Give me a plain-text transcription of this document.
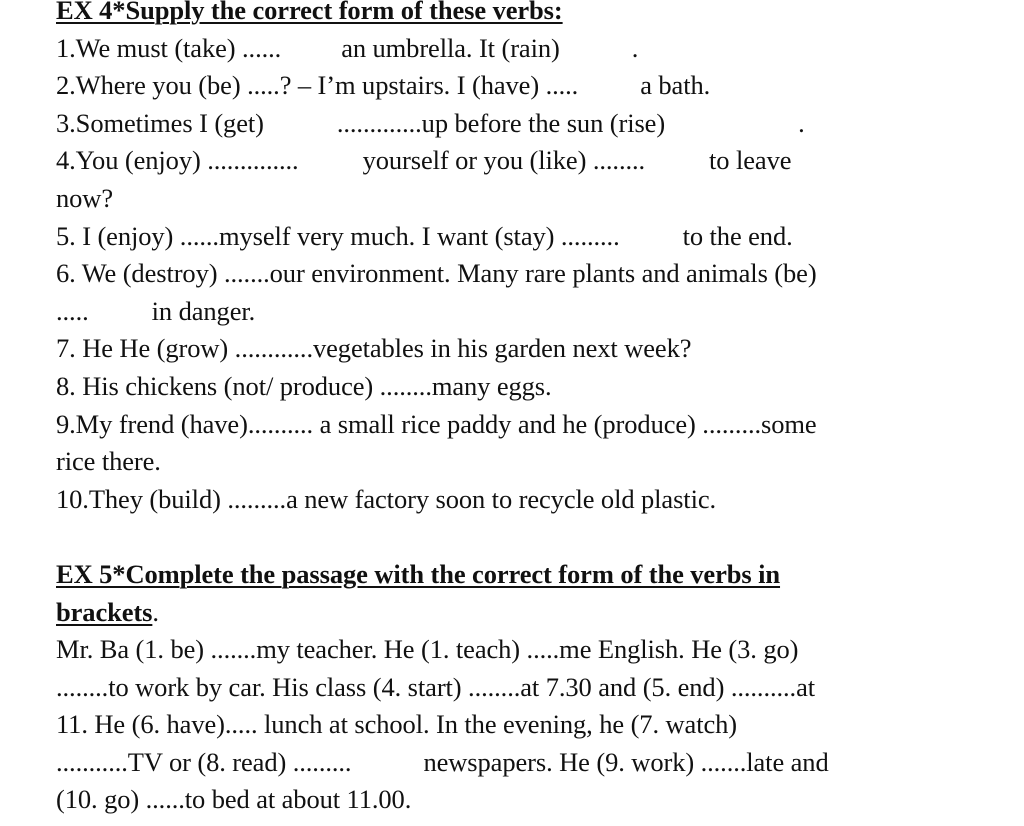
EX 4*Supply the correct form of these verbs:
1.We must (take) ...... an umbrella. It (rain)	.
2.Where you (be) .....? – I’m upstairs. I (have) ..... a bath.
3.Sometimes I (get)	.............up before the sun (rise)	.
4.You (enjoy) .............. yourself or you (like) ........ to leave
now?
5. I (enjoy) ......myself very much. I want (stay) ......... to the end.
6. We (destroy) .......our environment. Many rare plants and animals (be)
..... in danger.
7. He He (grow) ............vegetables in his garden next week?
8. His chickens (not/ produce) ........many eggs.
9.My frend (have).......... a small rice paddy and he (produce) .........some
rice there.
10.They (build) .........a new factory soon to recycle old plastic.
EX 5*Complete the passage with the correct form of the verbs in
brackets.
Mr. Ba (1. be) .......my teacher. He (1. teach) .....me English. He (3. go)
........to work by car. His class (4. start) ........at 7.30 and (5. end) ..........at
11. He (6. have)..... lunch at school. In the evening, he (7. watch)
...........TV or (8. read) .........	newspapers. He (9. work) .......late and
(10. go) ......to bed at about 11.00.
